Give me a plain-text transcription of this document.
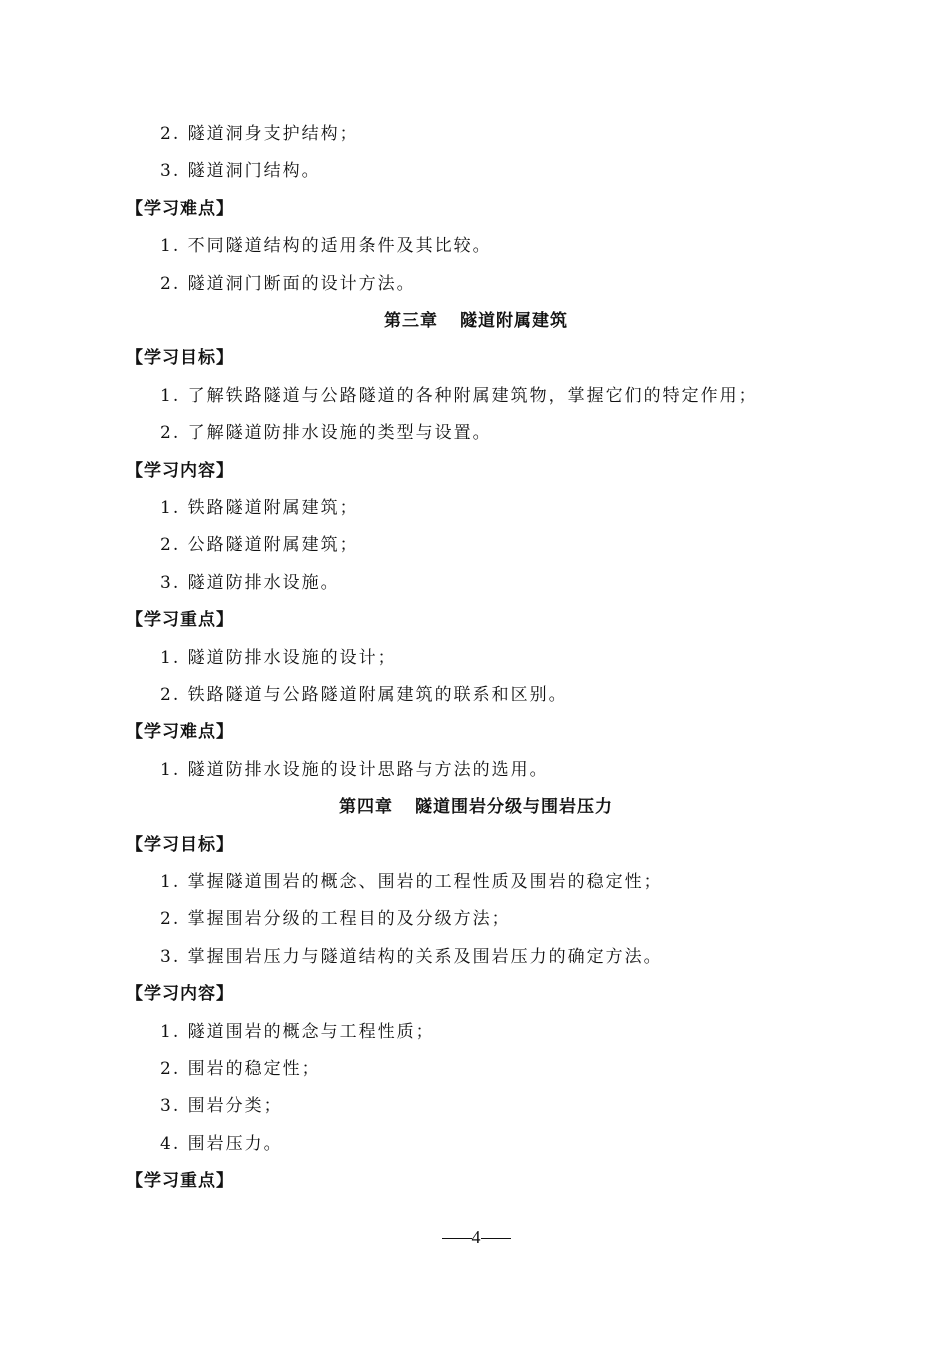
2. 隧道洞身支护结构；
3. 隧道洞门结构。
【学习难点】
1. 不同隧道结构的适用条件及其比较。
2. 隧道洞门断面的设计方法。
第三章 隧道附属建筑
【学习目标】
1. 了解铁路隧道与公路隧道的各种附属建筑物，掌握它们的特定作用；
2. 了解隧道防排水设施的类型与设置。
【学习内容】
1. 铁路隧道附属建筑；
2. 公路隧道附属建筑；
3. 隧道防排水设施。
【学习重点】
1. 隧道防排水设施的设计；
2. 铁路隧道与公路隧道附属建筑的联系和区别。
【学习难点】
1. 隧道防排水设施的设计思路与方法的选用。
第四章 隧道围岩分级与围岩压力
【学习目标】
1. 掌握隧道围岩的概念、围岩的工程性质及围岩的稳定性；
2. 掌握围岩分级的工程目的及分级方法；
3. 掌握围岩压力与隧道结构的关系及围岩压力的确定方法。
【学习内容】
1. 隧道围岩的概念与工程性质；
2. 围岩的稳定性；
3. 围岩分类；
4. 围岩压力。
【学习重点】
4
